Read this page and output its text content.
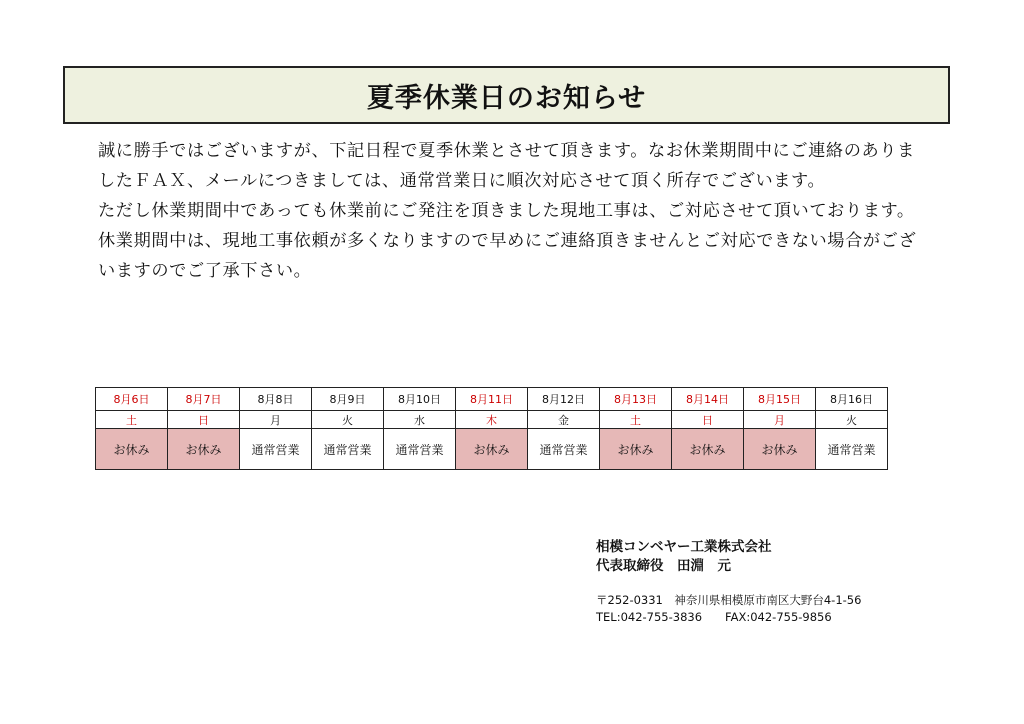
夏季休業日のお知らせ

誠に勝手ではございますが、下記日程で夏季休業とさせて頂きます。なお休業期間中にご連絡のありましたＦＡＸ、メールにつきましては、通常営業日に順次対応させて頂く所存でございます。

ただし休業期間中であっても休業前にご発注を頂きました現地工事は、ご対応させて頂いております。休業期間中は、現地工事依頼が多くなりますので早めにご連絡頂きませんとご対応できない場合がございますのでご了承下さい。

8月6日	8月7日	8月8日	8月9日	8月10日	8月11日	8月12日	8月13日	8月14日	8月15日	8月16日
土	日	月	火	水	木	金	土	日	月	火
お休み	お休み	通常営業	通常営業	通常営業	お休み	通常営業	お休み	お休み	お休み	通常営業

相模コンベヤー工業株式会社

代表取締役　田淵　元

〒252-0331　神奈川県相模原市南区大野台4-1-56

TEL:042-755-3836　　FAX:042-755-9856
